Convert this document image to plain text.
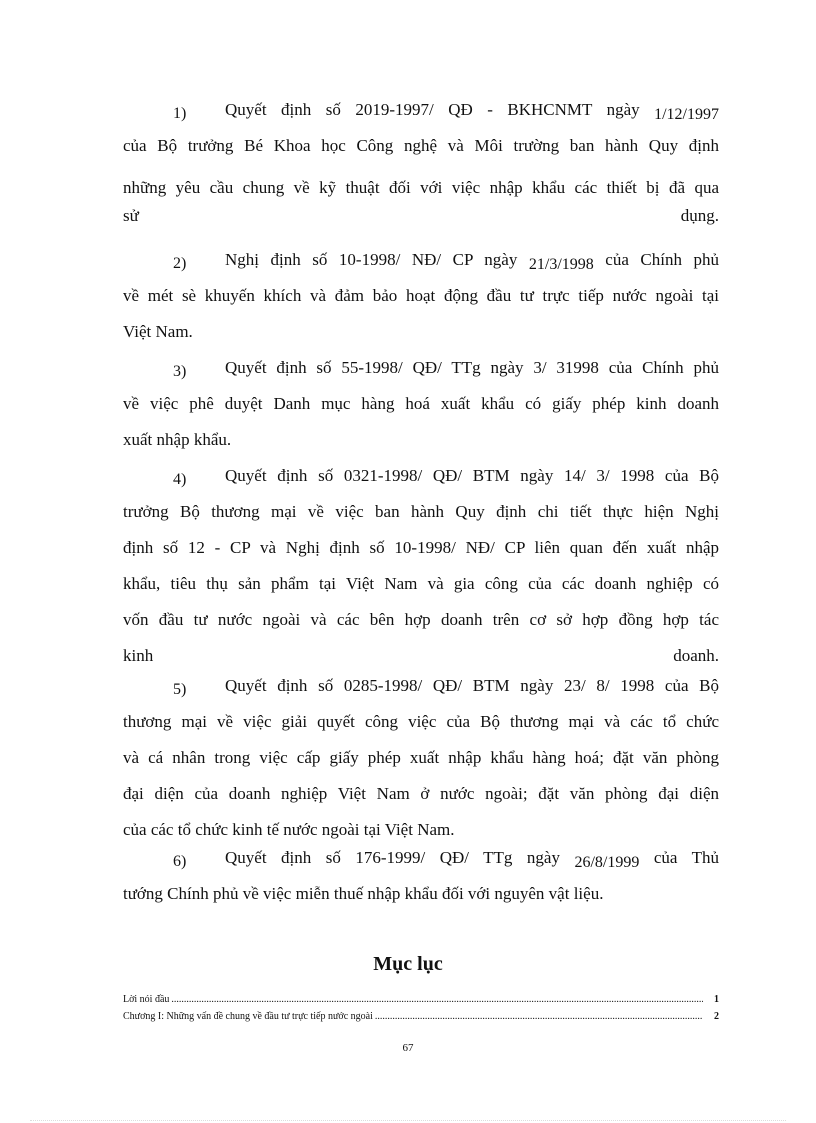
1) Quyết định số 2019-1997/ QĐ - BKHCNMT ngày 1/12/1997
của Bộ trưởng Bé Khoa học Công nghệ và Môi trường ban hành Quy định
những yêu cầu chung về kỹ thuật đối với việc nhập khẩu các thiết bị đã qua
sử	dụng.
2) Nghị định số 10-1998/ NĐ/ CP ngày 21/3/1998 của Chính phủ
về mét sè khuyến khích và đảm bảo hoạt động đầu tư trực tiếp nước ngoài tại
Việt Nam.
3) Quyết định số 55-1998/ QĐ/ TTg ngày 3/ 31998 của Chính phủ
về việc phê duyệt Danh mục hàng hoá xuất khẩu có giấy phép kinh doanh
xuất nhập khẩu.
4) Quyết định số 0321-1998/ QĐ/ BTM ngày 14/ 3/ 1998 của Bộ
trưởng Bộ thương mại về việc ban hành Quy định chi tiết thực hiện Nghị
định số 12 - CP và Nghị định số 10-1998/ NĐ/ CP liên quan đến xuất nhập
khẩu, tiêu thụ sản phẩm tại Việt Nam và gia công của các doanh nghiệp có
vốn đầu tư nước ngoài và các bên hợp doanh trên cơ sở hợp đồng hợp tác
kinh	doanh.
5) Quyết định số 0285-1998/ QĐ/ BTM ngày 23/ 8/ 1998 của Bộ
thương mại về việc giải quyết công việc của Bộ thương mại và các tổ chức
và cá nhân trong việc cấp giấy phép xuất nhập khẩu hàng hoá; đặt văn phòng
đại diện của doanh nghiệp Việt Nam ở nước ngoài; đặt văn phòng đại diện
của các tổ chức kinh tế nước ngoài tại Việt Nam.
6) Quyết định số 176-1999/ QĐ/ TTg ngày 26/8/1999 của Thủ
tướng Chính phủ về việc miễn thuế nhập khẩu đối với nguyên vật liệu.
Mục lục
Lời nói đầu .....	1
Chương I: Những vấn đề chung về đầu tư trực tiếp nước ngoài .....	2
67
